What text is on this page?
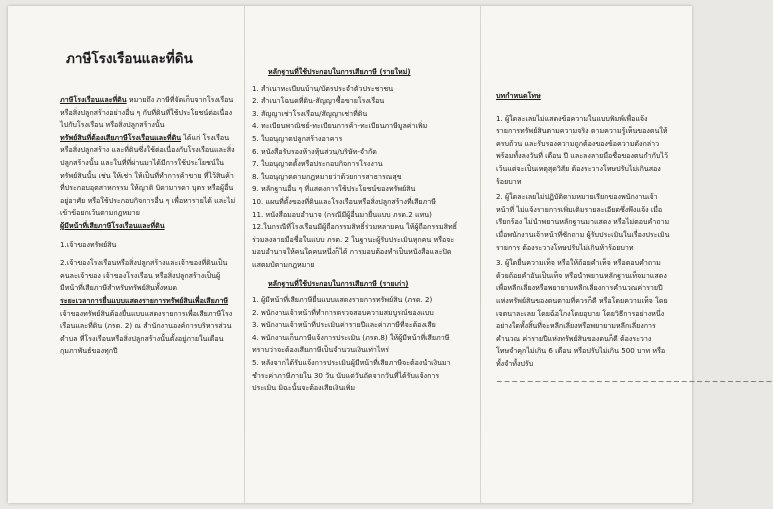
ภาษีโรงเรือนและที่ดิน

ภาษีโรงเรือนและที่ดิน หมายถึง ภาษีที่จัดเก็บจากโรงเรือนหรือสิ่งปลูกสร้างอย่างอื่น ๆ กับที่ดินที่ใช้ประโยชน์ต่อเนื่องไปกับโรงเรือน หรือสิ่งปลูกสร้างนั้น

ทรัพย์สินที่ต้องเสียภาษีโรงเรือนและที่ดิน ได้แก่ โรงเรือนหรือสิ่งปลูกสร้าง และที่ดินซึ่งใช้ต่อเนื่องกับโรงเรือนและสิ่งปลูกสร้างนั้น และในที่ที่ผ่านมาได้มีการใช้ประโยชน์ในทรัพย์สินนั้น เช่น ให้เช่า ให้เป็นที่ทำการค้าขาย ที่ไว้สินค้า ที่ประกอบอุตสาหกรรม ให้ญาติ บิดามารดา บุตร หรือผู้อื่นอยู่อาศัย หรือใช้ประกอบกิจการอื่น ๆ เพื่อหารายได้ และไม่เข้าข้อยกเว้นตามกฎหมาย

ผู้มีหน้าที่เสียภาษีโรงเรือนและที่ดิน
1.เจ้าของทรัพย์สิน

2.เจ้าของโรงเรือนหรือสิ่งปลูกสร้างและเจ้าของที่ดินเป็นคนละเจ้าของ เจ้าของโรงเรือน หรือสิ่งปลูกสร้างเป็นผู้มีหน้าที่เสียภาษีสำหรับทรัพย์สินทั้งหมด

ระยะเวลาการยื่นแบบแสดงรายการทรัพย์สินเพื่อเสียภาษี

เจ้าของทรัพย์สินต้องยื่นแบบแสดงรายการเพื่อเสียภาษีโรงเรือนและที่ดิน (ภรด. 2) ณ สำนักงานองค์การบริหารส่วนตำบล ที่โรงเรือนหรือสิ่งปลูกสร้างนั้นตั้งอยู่ภายในเดือนกุมภาพันธ์ของทุกปี

หลักฐานที่ใช้ประกอบในการเสียภาษี (รายใหม่)
1. สำเนาทะเบียนบ้าน/บัตรประจำตัวประชาชน
2. สำเนาโฉนดที่ดิน-สัญญาซื้อขายโรงเรือน
3. สัญญาเช่าโรงเรือน/สัญญาเช่าที่ดิน
4. ทะเบียนพาณิชย์-ทะเบียนการค้า-ทะเบียนภาษีมูลค่าเพิ่ม
5. ใบอนุญาตปลูกสร้างอาคาร
6. หนังสือรับรองห้างหุ้นส่วน/บริษัท-จำกัด
7. ใบอนุญาตตั้งหรือประกอบกิจการโรงงาน
8. ใบอนุญาตตามกฎหมายว่าด้วยการสาธารณสุข
9. หลักฐานอื่น ๆ ที่แสดงการใช้ประโยชน์ของทรัพย์สิน
10. แผนที่ตั้งของที่ดินและโรงเรือนหรือสิ่งปลูกสร้างที่เสียภาษี
11. หนังสือมอบอำนาจ (กรณีมีผู้อื่นมายื่นแบบ ภรด.2 แทน)

12.ในกรณีที่โรงเรือนมีผู้ถือกรรมสิทธิ์ร่วมหลายคน ให้ผู้ถือกรรมสิทธิ์ร่วมลงลายมือชื่อในแบบ ภรด. 2 ในฐานะผู้รับประเมินทุกคน หรือจะมอบอำนาจให้คนใดคนหนึ่งก็ได้ การมอบต้องทำเป็นหนังสือและปิดแสตมป์ตามกฎหมาย

หลักฐานที่ใช้ประกอบในการเสียภาษี (รายเก่า)
1. ผู้มีหน้าที่เสียภาษียื่นแบบแสดงรายการทรัพย์สิน (ภรด. 2)
2. พนักงานเจ้าหน้าที่ทำการตรวจสอบความสมบูรณ์ของแบบ
3. พนักงานเจ้าหน้าที่ประเมินค่ารายปีและค่าภาษีที่จะต้องเสีย

4. พนักงานเก็บภาษีแจ้งการประเมิน (ภรด.8) ให้ผู้มีหน้าที่เสียภาษีทราบว่าจะต้องเสียภาษีเป็นจำนวนเงินเท่าไหร่

5. หลังจากได้รับแจ้งการประเมินผู้มีหน้าที่เสียภาษีจะต้องนำเงินมาชำระค่าภาษีภายใน 30 วัน นับแต่วันถัดจากวันที่ได้รับแจ้งการประเมิน มิฉะนั้นจะต้องเสียเงินเพิ่ม

บทกำหนดโทษ

1. ผู้ใดละเลยไม่แสดงข้อความในแบบพิมพ์เพื่อแจ้งรายการทรัพย์สินตามความจริง ตามความรู้เห็นของตนให้ครบถ้วน และรับรองความถูกต้องของข้อความดังกล่าวพร้อมทั้งลงวันที่ เดือน ปี และลงลายมือชื่อของตนกำกับไว้ เว้นแต่จะเป็นเหตุสุดวิสัย ต้องระวางโทษปรับไม่เกินสองร้อยบาท

2. ผู้ใดละเลยไม่ปฏิบัติตามหมายเรียกของพนักงานเจ้าหน้าที่ ไม่แจ้งรายการเพิ่มเติมรายละเอียดซึ่งพึงแจ้ง เมื่อเรียกร้อง ไม่นำพยานหลักฐานมาแสดง หรือไม่ตอบคำถามเมื่อพนักงานเจ้าหน้าที่ซักถาม ผู้รับประเมินในเรื่องประเมินรายการ ต้องระวางโทษปรับไม่เกินห้าร้อยบาท

3. ผู้ใดยื่นความเท็จ หรือให้ถ้อยคำเท็จ หรือตอบคำถามด้วยถ้อยคำอันเป็นเท็จ หรือนำพยานหลักฐานเท็จมาแสดงเพื่อหลีกเลี่ยงหรือพยายามหลีกเลี่ยงการคำนวณค่ารายปีแห่งทรัพย์สินของตนตามที่ควรก็ดี หรือโดยความเท็จ โดยเจตนาละเลย โดยฉ้อโกงโดยอุบาย โดยวิธีการอย่างหนึ่ง อย่างใดทั้งสิ้นที่จะหลีกเลี่ยงหรือพยายามหลีกเลี่ยงการคำนวณ ค่ารายปีแห่งทรัพย์สินของตนก็ดี ต้องระวางโทษจำคุกไม่เกิน 6 เดือน หรือปรับไม่เกิน 500 บาท หรือทั้งจำทั้งปรับ

~~~~~~~~~~~~~~~~~~~~~~~~~~~~~~~~~~~~
